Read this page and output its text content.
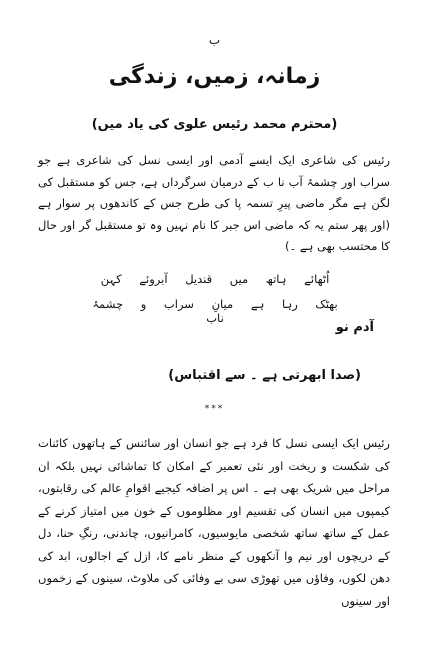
ب
زمانہ، زمیں، زندگی
(محترم محمد رئیس علوی کی یاد میں)
رئیس کی شاعری ایک ایسے آدمی اور ایسی نسل کی شاعری ہے جو سراب اور چشمۂ آب نا ب کے درمیان سرگرداں ہے، جس کو مستقبل کی لگن ہے مگر ماضی پیرِ تسمہ پا کی طرح جس کے کاندھوں پر سوار ہے (اور پھر ستم یہ کہ ماضی اس جبر کا نام نہیں وہ تو مستقبل گر اور حال کا محتسب بھی ہے ۔)
اُٹھائے ہاتھ میں قندیل آبروئے کہن
بھٹک رہا ہے میانِ سراب و چشمۂ ناب
آدم نو
(صدا ابھرتی ہے ۔ سے اقتباس)
***
رئیس ایک ایسی نسل کا فرد ہے جو انسان اور سائنس کے ہاتھوں کائنات کی شکست و ریخت اور نئی تعمیر کے امکان کا تماشائی نہیں بلکہ ان مراحل میں شریک بھی ہے ۔ اس پر اضافہ کیجیے اقوامِ عالم کی رقابتوں، کیمپوں میں انسان کی تقسیم اور مظلوموں کے خون میں امتیاز کرنے کے عمل کے ساتھ ساتھ شخصی مایوسیوں، کامرانیوں، چاندنی، رنگِ حنا، دل کے دریچوں اور نیم وا آنکھوں کے منظر نامے کا، ازل کے اجالوں، ابد کی دھن لکوں، وفاؤں میں تھوڑی سی بے وفائی کی ملاوٹ، سینوں کے زخموں اور سینوں
